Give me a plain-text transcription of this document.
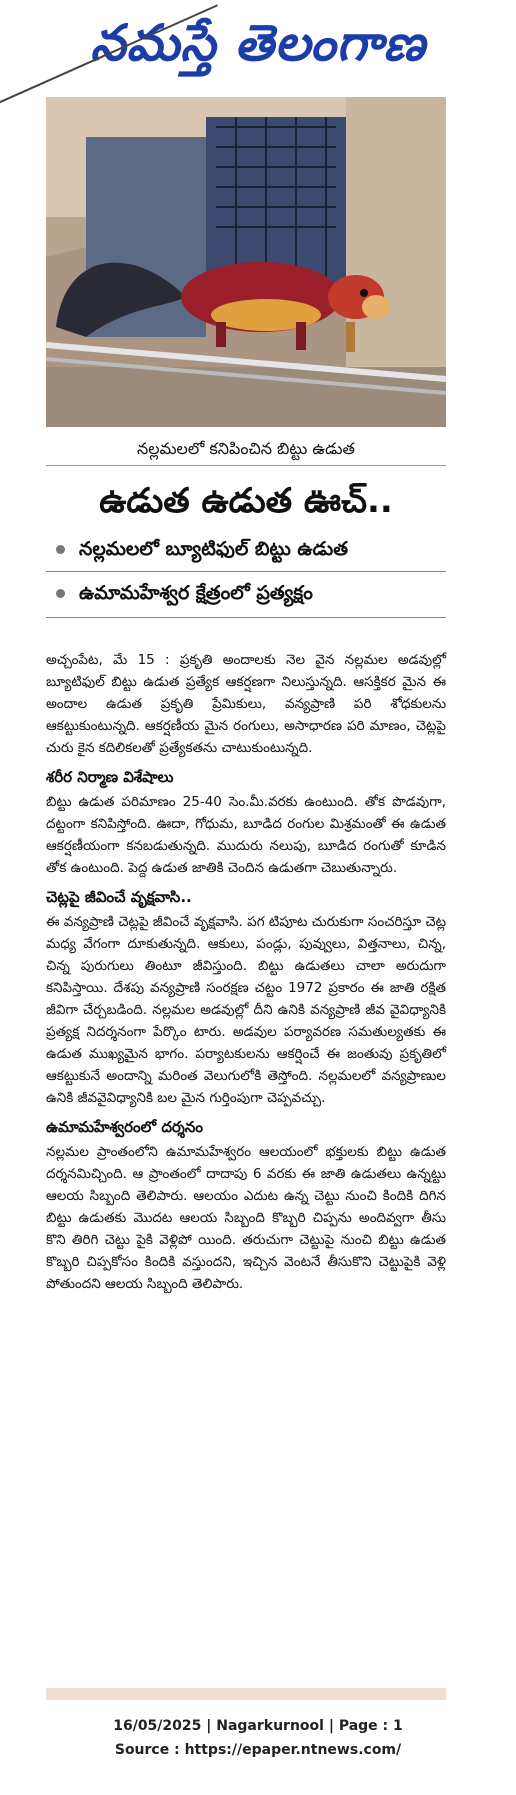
నమస్తే తెలంగాణ
నల్లమలలో కనిపించిన బిట్టు ఉడుత
ఉడుత ఉడుత ఊచ్..
నల్లమలలో బ్యూటిఫుల్ బిట్టు ఉడుత
ఉమామహేశ్వర క్షేత్రంలో ప్రత్యక్షం

అచ్చంపేట, మే 15 : ప్రకృతి అందాలకు నెల వైన నల్లమల అడవుల్లో బ్యూటిఫుల్ బిట్టు ఉడుత ప్రత్యేక ఆకర్షణగా నిలుస్తున్నది. ఆసక్తికర మైన ఈ అందాల ఉడుత ప్రకృతి ప్రేమికులు, వన్యప్రాణి పరి శోధకులను ఆకట్టుకుంటున్నది. ఆకర్షణీయ మైన రంగులు, అసాధారణ పరి మాణం, చెట్లపై చురు కైన కదిలికలతో ప్రత్యేకతను చాటుకుంటున్నది.

శరీర నిర్మాణ విశేషాలు

బిట్టు ఉడుత పరిమాణం 25-40 సెం.మీ.వరకు ఉంటుంది. తోక పొడవుగా, దట్టంగా కనిపిస్తోంది. ఊదా, గోధుమ, బూడిద రంగుల మిశ్రమంతో ఈ ఉడుత ఆకర్షణీయంగా కనబడుతున్నది. ముదురు నలుపు, బూడిద రంగుతో కూడిన తోక ఉంటుంది. పెద్ద ఉడుత జాతికి చెందిన ఉడుతగా చెబుతున్నారు.

చెట్లపై జీవించే వృక్షవాసి..

ఈ వన్యప్రాణి చెట్లపై జీవించే వృక్షవాసి. పగ టిపూట చురుకుగా సంచరిస్తూ చెట్ల మధ్య వేగంగా దూకుతున్నది. ఆకులు, పండ్లు, పువ్వులు, విత్తనాలు, చిన్న, చిన్న పురుగులు తింటూ జీవిస్తుంది. బిట్టు ఉడుతలు చాలా అరుదుగా కనిపిస్తాయి. దేశపు వన్యప్రాణి సంరక్షణ చట్టం 1972 ప్రకారం ఈ జాతి రక్షిత జీవిగా చేర్చబడింది. నల్లమల అడవుల్లో దీని ఉనికి వన్యప్రాణి జీవ వైవిధ్యానికి ప్రత్యక్ష నిదర్శనంగా పేర్కొం టారు. అడవుల పర్యావరణ సమతుల్యతకు ఈ ఉడుత ముఖ్యమైన భాగం. పర్యాటకులను ఆకర్షించే ఈ జంతువు ప్రకృతిలో ఆకట్టుకునే అందాన్ని మరింత వెలుగులోకి తెస్తోంది. నల్లమలలో వన్యప్రాణుల ఉనికి జీవవైవిధ్యానికి బల మైన గుర్తింపుగా చెప్పవచ్చు.

ఉమామహేశ్వరంలో దర్శనం

నల్లమల ప్రాంతంలోని ఉమామహేశ్వరం ఆలయంలో భక్తులకు బిట్టు ఉడుత దర్శనమిచ్చింది. ఆ ప్రాంతంలో దాదాపు 6 వరకు ఈ జాతి ఉడుతలు ఉన్నట్టు ఆలయ సిబ్బంది తెలిపారు. ఆలయం ఎదుట ఉన్న చెట్టు నుంచి కిందికి దిగిన బిట్టు ఉడుతకు మొదట ఆలయ సిబ్బంది కొబ్బరి చిప్పను అందివ్వగా తీసు కొని తిరిగి చెట్టు పైకి వెళ్లిపో యింది. తరుచుగా చెట్టుపై నుంచి బిట్టు ఉడుత కొబ్బరి చిప్పకోసం కిందికి వస్తుందని, ఇచ్చిన వెంటనే తీసుకొని చెట్టుపైకి వెళ్లి పోతుందని ఆలయ సిబ్బంది తెలిపారు.

16/05/2025 | Nagarkurnool | Page : 1
Source : https://epaper.ntnews.com/
